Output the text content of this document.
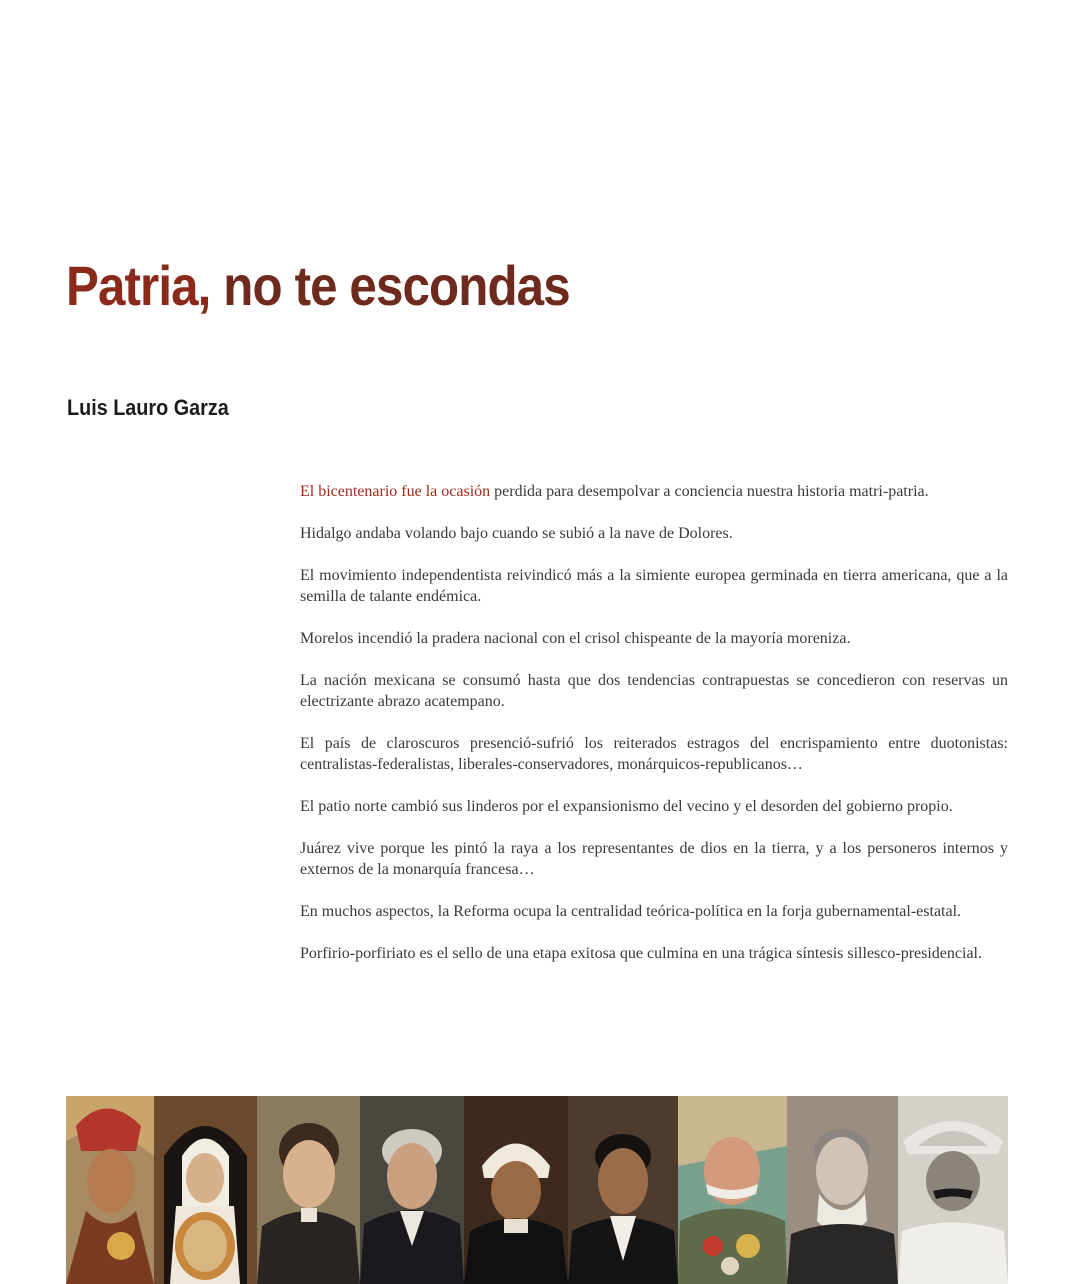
Patria, no te escondas
Luis Lauro Garza

El bicentenario fue la ocasión perdida para desempolvar a conciencia nuestra historia matri-patria.

Hidalgo andaba volando bajo cuando se subió a la nave de Dolores.

El movimiento independentista reivindicó más a la simiente europea germinada en tierra americana, que a la semilla de talante endémica.

Morelos incendió la pradera nacional con el crisol chispeante de la mayoría moreniza.

La nación mexicana se consumó hasta que dos tendencias contrapuestas se concedieron con reservas un electrizante abrazo acatempano.

El país de claroscuros presenció-sufrió los reiterados estragos del encrispamiento entre duotonistas: centralistas-federalistas, liberales-conservadores, monárquicos-republicanos…

El patio norte cambió sus linderos por el expansionismo del vecino y el desorden del gobierno propio.

Juárez vive porque les pintó la raya a los representantes de dios en la tierra, y a los personeros internos y externos de la monarquía francesa…

En muchos aspectos, la Reforma ocupa la centralidad teórica-política en la forja gubernamental-estatal.

Porfirio-porfiriato es el sello de una etapa exitosa que culmina en una trágica síntesis sillesco-presidencial.
